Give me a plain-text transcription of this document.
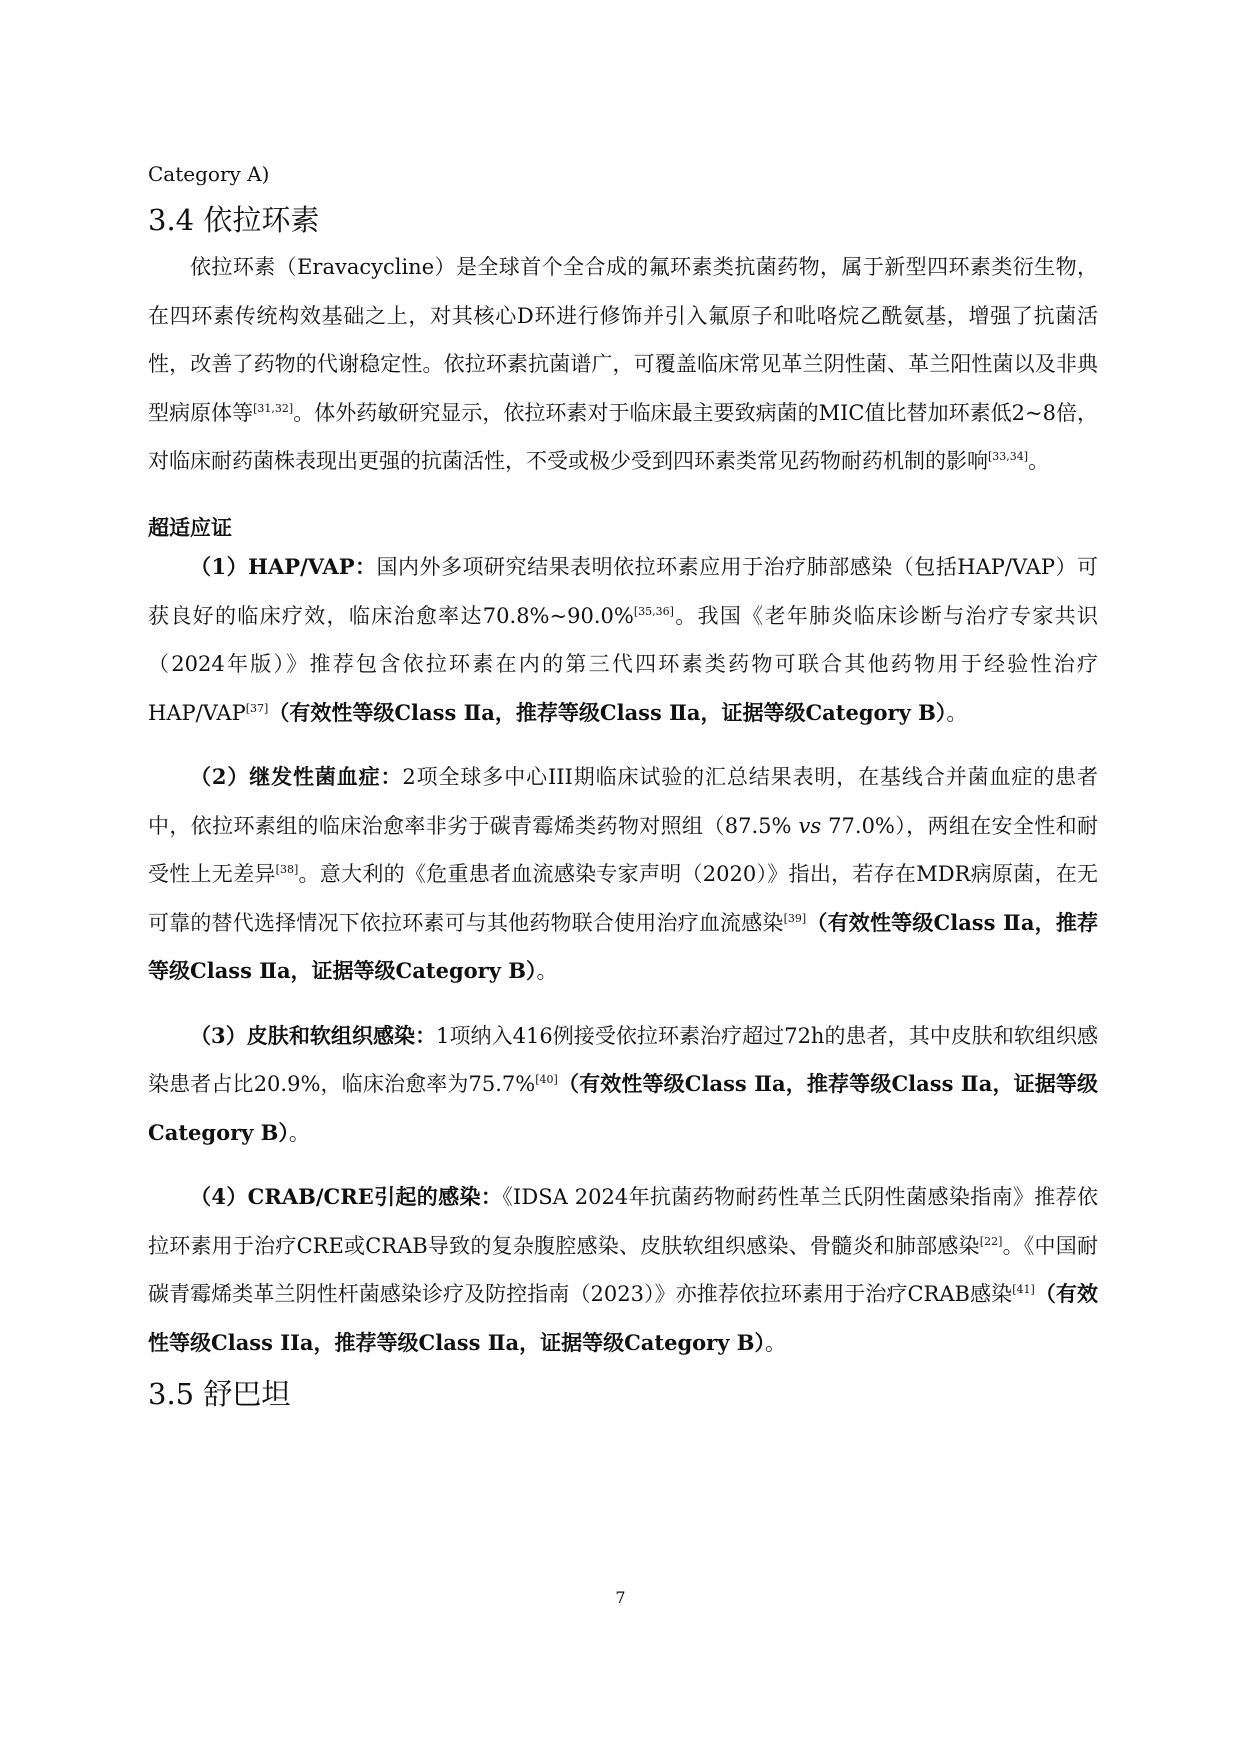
Category A)
3.4 依拉环素

依拉环素（Eravacycline）是全球首个全合成的氟环素类抗菌药物，属于新型四环素类衍生物，在四环素传统构效基础之上，对其核心D环进行修饰并引入氟原子和吡咯烷乙酰氨基，增强了抗菌活性，改善了药物的代谢稳定性。依拉环素抗菌谱广，可覆盖临床常见革兰阴性菌、革兰阳性菌以及非典型病原体等[31,32]。体外药敏研究显示，依拉环素对于临床最主要致病菌的MIC值比替加环素低2~8倍，对临床耐药菌株表现出更强的抗菌活性，不受或极少受到四环素类常见药物耐药机制的影响[33,34]。

超适应证

（1）HAP/VAP：国内外多项研究结果表明依拉环素应用于治疗肺部感染（包括HAP/VAP）可获良好的临床疗效，临床治愈率达70.8%~90.0%[35,36]。我国《老年肺炎临床诊断与治疗专家共识（2024年版）》推荐包含依拉环素在内的第三代四环素类药物可联合其他药物用于经验性治疗HAP/VAP[37]（有效性等级Class Ⅱa，推荐等级Class Ⅱa，证据等级Category B）。

（2）继发性菌血症：2项全球多中心III期临床试验的汇总结果表明，在基线合并菌血症的患者中，依拉环素组的临床治愈率非劣于碳青霉烯类药物对照组（87.5% vs 77.0%），两组在安全性和耐受性上无差异[38]。意大利的《危重患者血流感染专家声明（2020）》指出，若存在MDR病原菌，在无可靠的替代选择情况下依拉环素可与其他药物联合使用治疗血流感染[39]（有效性等级Class Ⅱa，推荐等级Class Ⅱa，证据等级Category B）。

（3）皮肤和软组织感染：1项纳入416例接受依拉环素治疗超过72h的患者，其中皮肤和软组织感染患者占比20.9%，临床治愈率为75.7%[40]（有效性等级Class Ⅱa，推荐等级Class Ⅱa，证据等级Category B）。

（4）CRAB/CRE引起的感染：《IDSA 2024年抗菌药物耐药性革兰氏阴性菌感染指南》推荐依拉环素用于治疗CRE或CRAB导致的复杂腹腔感染、皮肤软组织感染、骨髓炎和肺部感染[22]。《中国耐碳青霉烯类革兰阴性杆菌感染诊疗及防控指南（2023）》亦推荐依拉环素用于治疗CRAB感染[41]（有效性等级Class IIa，推荐等级Class Ⅱa，证据等级Category B）。

3.5 舒巴坦
7
